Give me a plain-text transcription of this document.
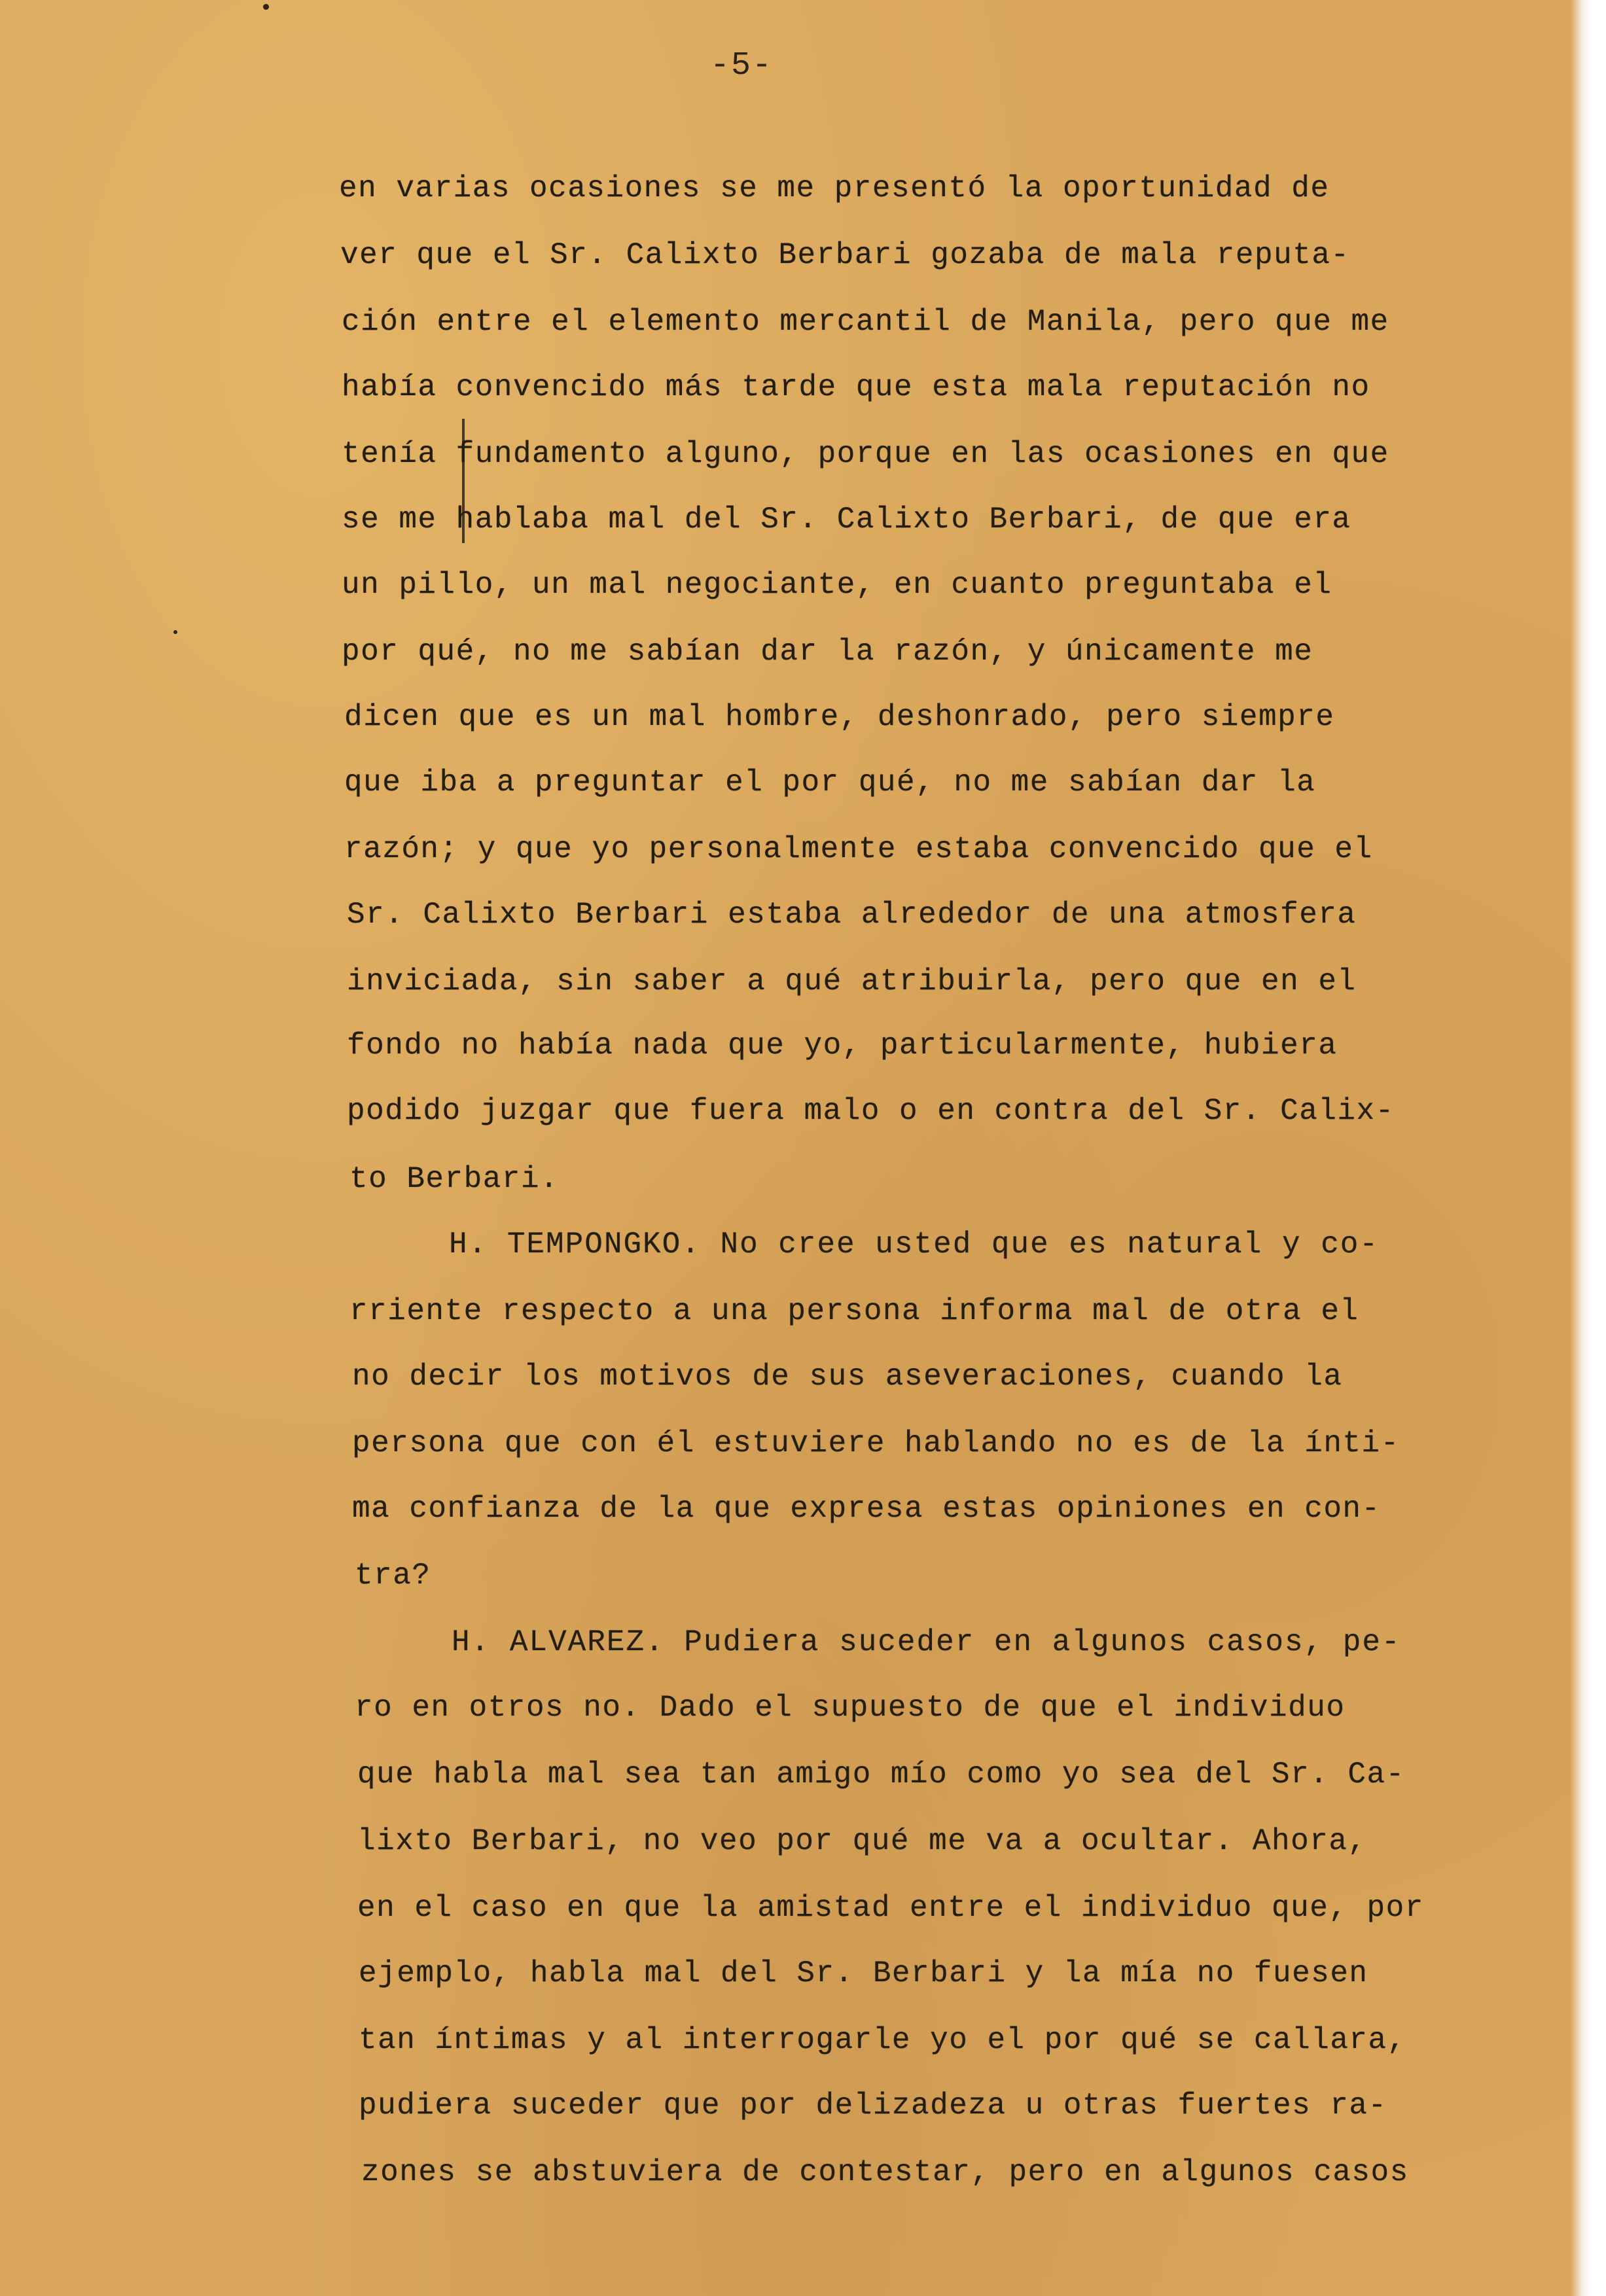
-5-
en varias ocasiones se me presentó la oportunidad de
ver que el Sr. Calixto Berbari gozaba de mala reputa-
ción entre el elemento mercantil de Manila, pero que me
había convencido más tarde que esta mala reputación no
tenía fundamento alguno, porque en las ocasiones en que
se me hablaba mal del Sr. Calixto Berbari, de que era
un pillo, un mal negociante, en cuanto preguntaba el
por qué, no me sabían dar la razón, y únicamente me
dicen que es un mal hombre, deshonrado, pero siempre
que iba a preguntar el por qué, no me sabían dar la
razón; y que yo personalmente estaba convencido que el
Sr. Calixto Berbari estaba alrededor de una atmosfera
inviciada, sin saber a qué atribuirla, pero que en el
fondo no había nada que yo, particularmente, hubiera
podido juzgar que fuera malo o en contra del Sr. Calix-
to Berbari.
H. TEMPONGKO. No cree usted que es natural y co-
rriente respecto a una persona informa mal de otra el
no decir los motivos de sus aseveraciones, cuando la
persona que con él estuviere hablando no es de la ínti-
ma confianza de la que expresa estas opiniones en con-
tra?
H. ALVAREZ. Pudiera suceder en algunos casos, pe-
ro en otros no. Dado el supuesto de que el individuo
que habla mal sea tan amigo mío como yo sea del Sr. Ca-
lixto Berbari, no veo por qué me va a ocultar. Ahora,
en el caso en que la amistad entre el individuo que, por
ejemplo, habla mal del Sr. Berbari y la mía no fuesen
tan íntimas y al interrogarle yo el por qué se callara,
pudiera suceder que por delizadeza u otras fuertes ra-
zones se abstuviera de contestar, pero en algunos casos
